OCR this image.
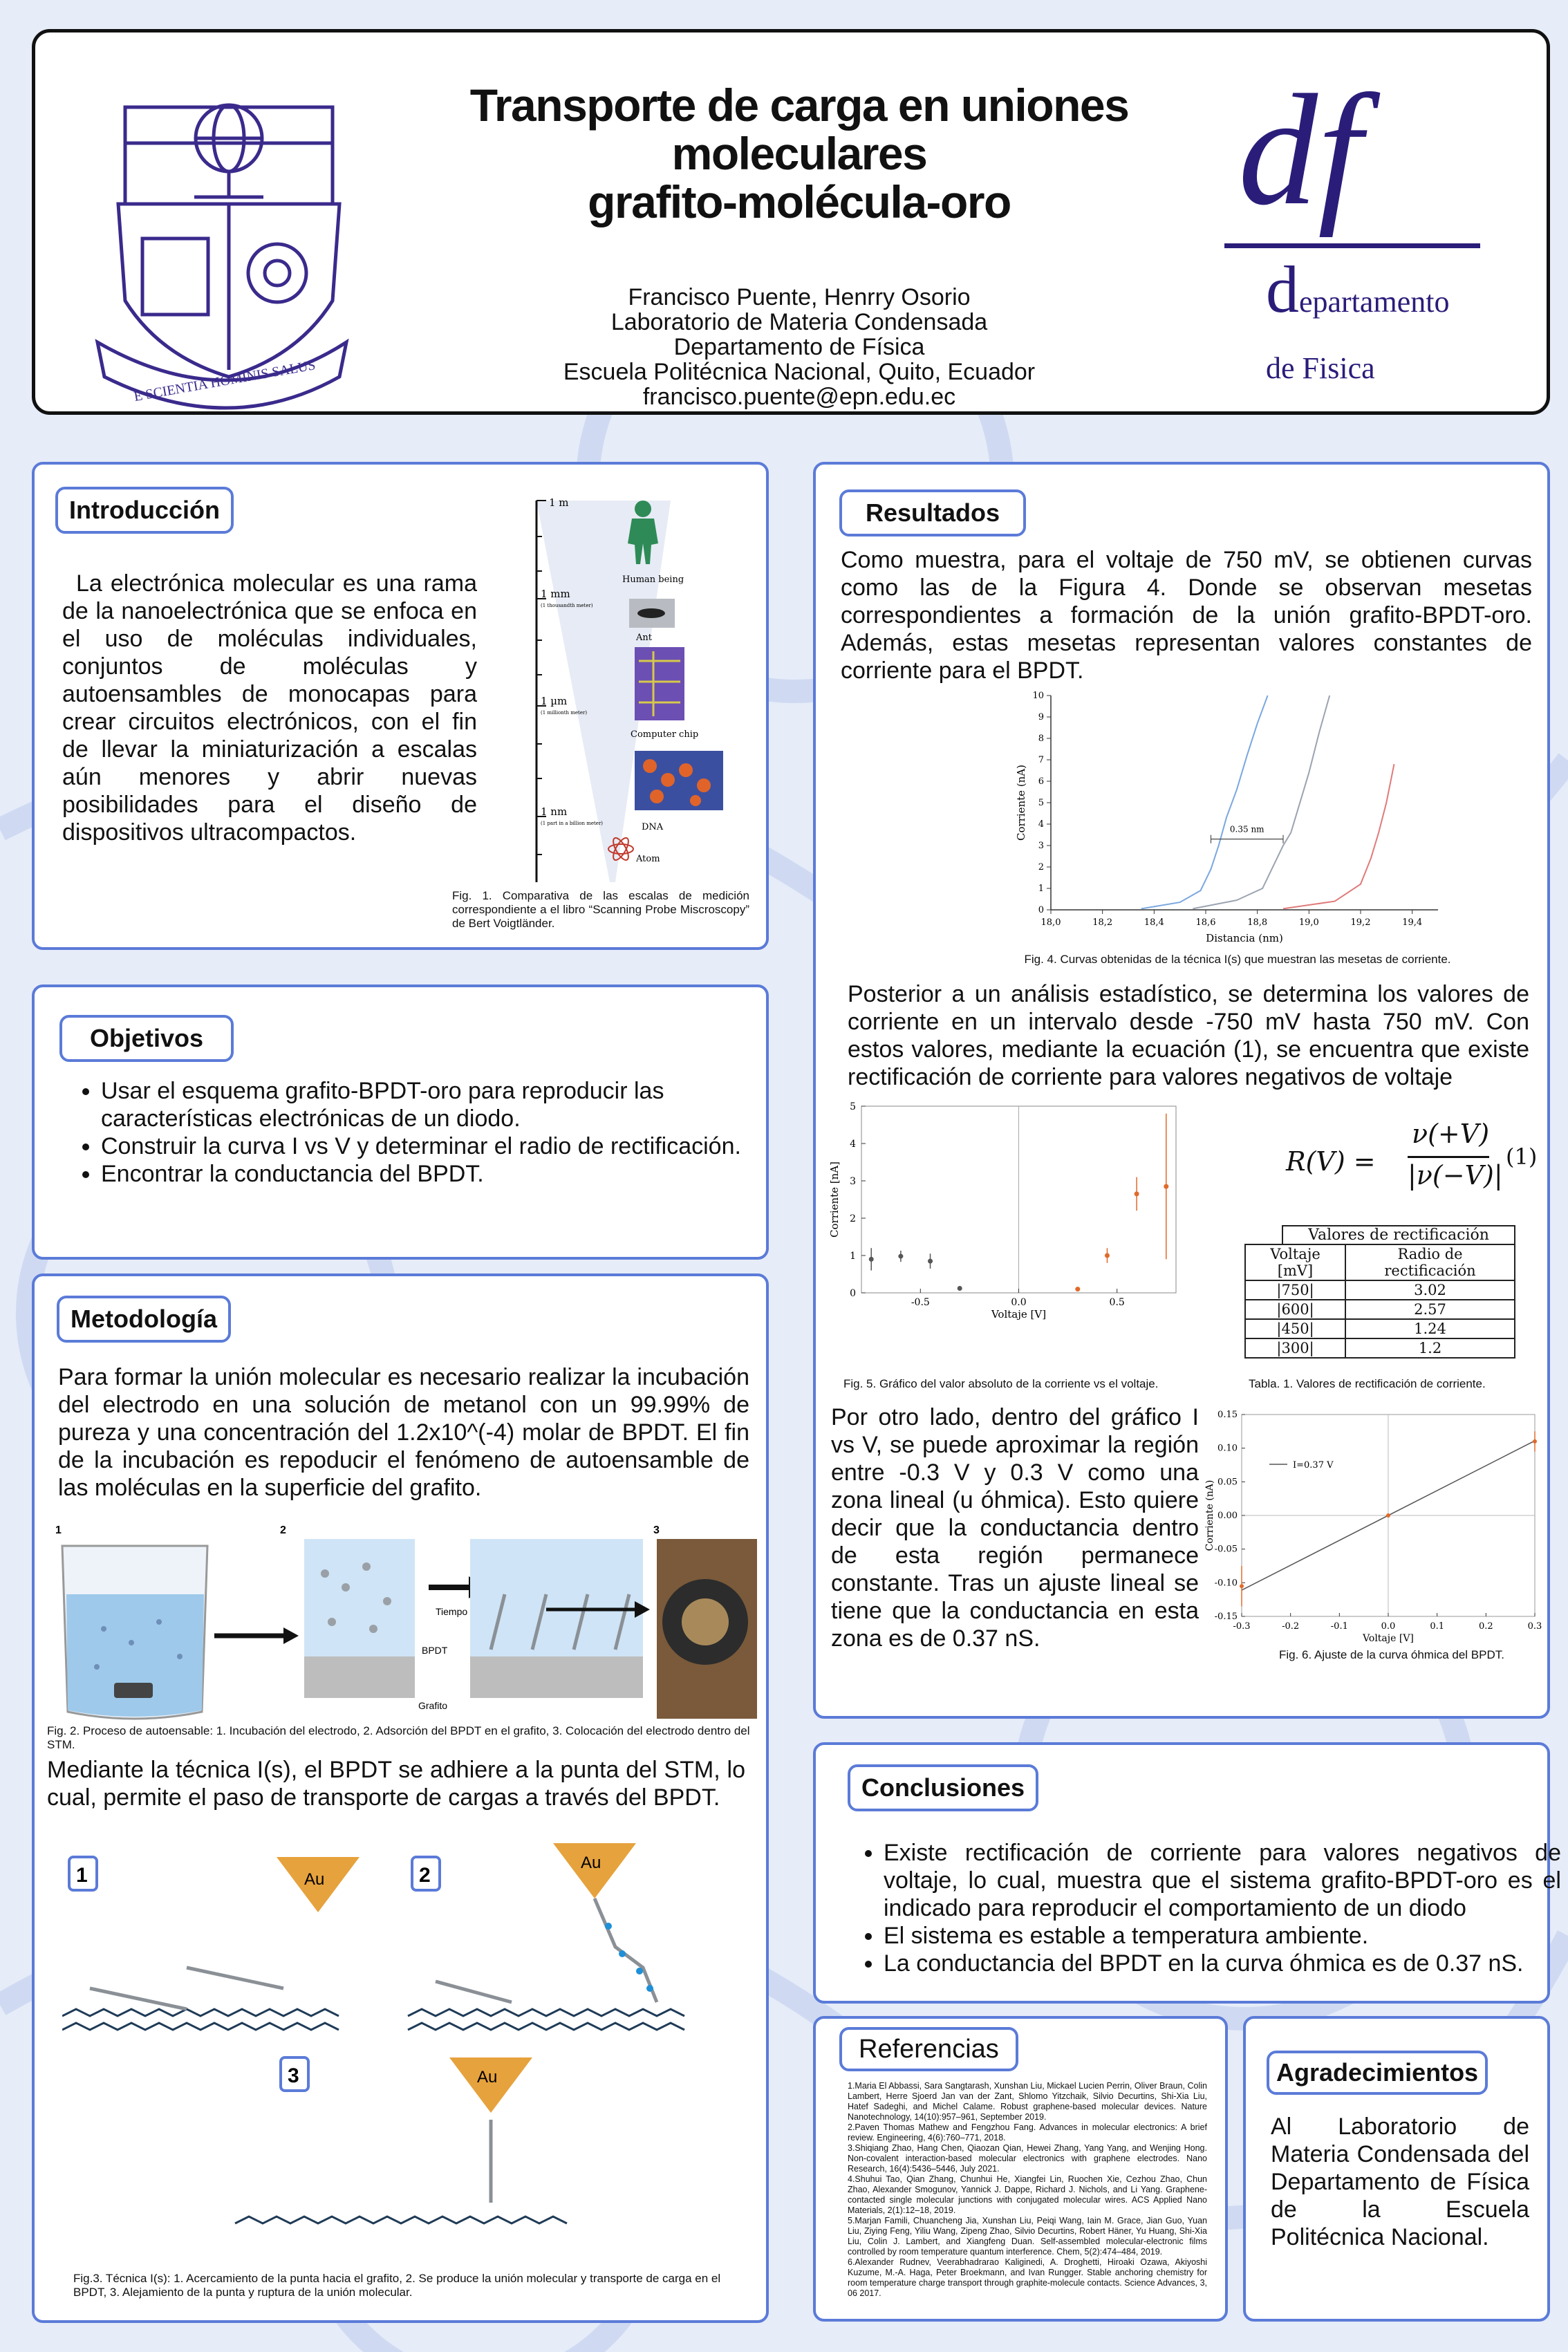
E SCIENTIA HOMINIS SALUS
Transporte de carga en uniones
moleculares
grafito-molécula-oro
Francisco Puente, Henrry Osorio
Laboratorio de Materia Condensada
Departamento de Física
Escuela Politécnica Nacional, Quito, Ecuador
francisco.puente@epn.edu.ec
df
departamento
de Fisica
Introducción
La electrónica molecular es una rama de la nanoelectrónica que se enfoca en el uso de moléculas individuales, conjuntos de moléculas y autoensambles de monocapas para crear circuitos electrónicos, con el fin de llevar la miniaturización a escalas aún menores y abrir nuevas posibilidades para el diseño de dispositivos ultracompactos.
1 m
1 mm
(1 thousandth meter)
1 µm
(1 millionth meter)
1 nm
(1 part in a billion meter)
Human being
Ant
Computer chip
DNA
Atom
Fig. 1. Comparativa de las escalas de medición correspondiente a el libro “Scanning Probe Miscroscopy” de Bert Voigtländer.
Objetivos
• Usar el esquema grafito-BPDT-oro para reproducir las características electrónicas de un diodo.
• Construir la curva I vs V y determinar el radio de rectificación.
• Encontrar la conductancia del BPDT.
Metodología
Para formar la unión molecular es necesario realizar la incubación del electrodo en una solución de metanol con un 99.99% de pureza y una concentración del 1.2x10^(-4) molar de BPDT. El fin de la incubación es repoducir el fenómeno de autoensamble de las moléculas en la superficie del grafito.
1	2	3
Tiempo
BPDT
Grafito
Fig. 2. Proceso de autoensable: 1. Incubación del electrodo, 2. Adsorción del BPDT en el grafito, 3. Colocación del electrodo dentro del STM.
Mediante la técnica I(s), el BPDT se adhiere a la punta del STM, lo cual, permite el paso de transporte de cargas a través del BPDT.
1	2
3
Au
Au
Au
Fig.3. Técnica I(s): 1. Acercamiento de la punta hacia el grafito, 2. Se produce la unión molecular y transporte de carga en el BPDT, 3. Alejamiento de la punta y ruptura de la unión molecular.
Resultados
Como muestra, para el voltaje de 750 mV, se obtienen curvas como las de la Figura 4. Donde se observan mesetas correspondientes a formación de la unión grafito-BPDT-oro. Además, estas mesetas representan valores constantes de corriente para el BPDT.
18,0	18,2	18,4	18,6	18,8	19,0	19,2	19,4
0
1
2
3
4
5
6
7
8
9
10
Distancia (nm)
Corriente (nA)	0.35 nm
Fig. 4. Curvas obtenidas de la técnica I(s) que muestran las mesetas de corriente.
Posterior a un análisis estadístico, se determina los valores de corriente en un intervalo desde -750 mV hasta 750 mV. Con estos valores, mediante la ecuación (1), se encuentra que existe rectificación de corriente para valores negativos de voltaje
-0.5	0.0	0.5
0
1
2
3
4
5
Voltaje [V]
Corriente [nA]
Fig. 5. Gráfico del valor absoluto de la corriente vs el voltaje.
R(V) =
ν(+V)
|ν(−V)|
(1)
Valores de rectificación
Voltaje [mV]	Radio de rectificación
|750|	3.02
|600|	2.57
|450|	1.24
|300|	1.2
Tabla. 1. Valores de rectificación de corriente.
Por otro lado, dentro del gráfico I vs V, se puede aproximar la región entre -0.3 V y 0.3 V como una zona lineal (u óhmica). Esto quiere decir que la conductancia dentro de esta región permanece constante. Tras un ajuste lineal se tiene que la conductancia en esta zona es de 0.37 nS.	-0.3	-0.2	-0.1	0.0	0.1	0.2	0.3
0.15
0.10
0.05
0.00
-0.05
-0.10
-0.15
Voltaje [V]
Corriente (nA)
I=0.37 V
Fig. 6. Ajuste de la curva óhmica del BPDT.
Conclusiones
• Existe rectificación de corriente para valores negativos de voltaje, lo cual, muestra que el sistema grafito-BPDT-oro es el indicado para reproducir el comportamiento de un diodo
• El sistema es estable a temperatura ambiente.
• La conductancia del BPDT en la curva óhmica es de 0.37 nS.
Referencias
1.Maria El Abbassi, Sara Sangtarash, Xunshan Liu, Mickael Lucien Perrin, Oliver Braun, Colin Lambert, Herre Sjoerd Jan van der Zant, Shlomo Yitzchaik, Silvio Decurtins, Shi-Xia Liu, Hatef Sadeghi, and Michel Calame. Robust graphene-based molecular devices. Nature Nanotechnology, 14(10):957–961, September 2019.
2.Paven Thomas Mathew and Fengzhou Fang. Advances in molecular electronics: A brief review. Engineering, 4(6):760–771, 2018.
3.Shiqiang Zhao, Hang Chen, Qiaozan Qian, Hewei Zhang, Yang Yang, and Wenjing Hong. Non-covalent interaction-based molecular electronics with graphene electrodes. Nano Research, 16(4):5436–5446, July 2021.
4.Shuhui Tao, Qian Zhang, Chunhui He, Xiangfei Lin, Ruochen Xie, Cezhou Zhao, Chun Zhao, Alexander Smogunov, Yannick J. Dappe, Richard J. Nichols, and Li Yang. Graphene-contacted single molecular junctions with conjugated molecular wires. ACS Applied Nano Materials, 2(1):12–18, 2019.
5.Marjan Famili, Chuancheng Jia, Xunshan Liu, Peiqi Wang, Iain M. Grace, Jian Guo, Yuan Liu, Ziying Feng, Yiliu Wang, Zipeng Zhao, Silvio Decurtins, Robert Häner, Yu Huang, Shi-Xia Liu, Colin J. Lambert, and Xiangfeng Duan. Self-assembled molecular-electronic films controlled by room temperature quantum interference. Chem, 5(2):474–484, 2019.
6.Alexander Rudnev, Veerabhadrarao Kaliginedi, A. Droghetti, Hiroaki Ozawa, Akiyoshi Kuzume, M.-A. Haga, Peter Broekmann, and Ivan Rungger. Stable anchoring chemistry for room temperature charge transport through graphite-molecule contacts. Science Advances, 3, 06 2017.
Agradecimientos
Al Laboratorio de Materia Condensada del Departamento de Física de la Escuela Politécnica Nacional.
